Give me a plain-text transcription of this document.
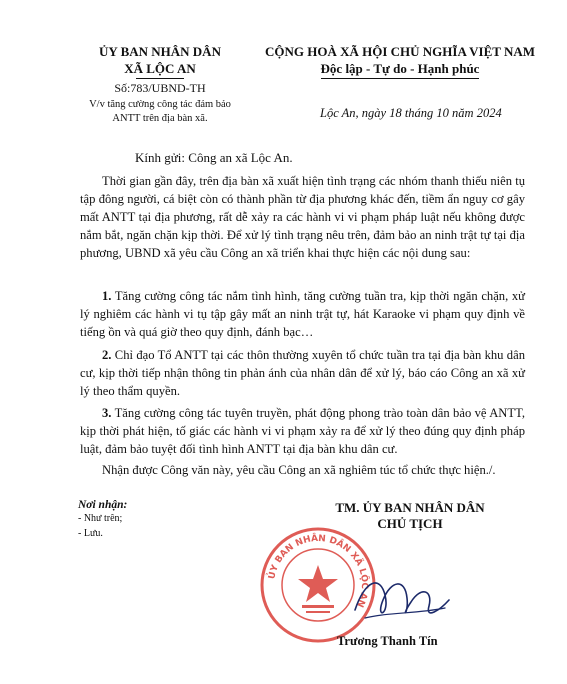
ỦY BAN NHÂN DÂN
XÃ LỘC AN
Số:783/UBND-TH
V/v tăng cường công tác đảm bảo
ANTT trên địa bàn xã.
CỘNG HOÀ XÃ HỘI CHỦ NGHĨA VIỆT NAM
Độc lập - Tự do - Hạnh phúc
Lộc An, ngày 18 tháng 10 năm 2024
Kính gửi: Công an xã Lộc An.
Thời gian gần đây, trên địa bàn xã xuất hiện tình trạng các nhóm thanh thiếu niên tụ tập đông người, cá biệt còn có thành phần từ địa phương khác đến, tiềm ẩn nguy cơ gây mất ANTT tại địa phương, rất dễ xảy ra các hành vi vi phạm pháp luật nếu không được nắm bắt, ngăn chặn kịp thời. Để xử lý tình trạng nêu trên, đảm bảo an ninh trật tự tại địa phương, UBND xã yêu cầu Công an xã triển khai thực hiện các nội dung sau:
1. Tăng cường công tác nắm tình hình, tăng cường tuần tra, kịp thời ngăn chặn, xử lý nghiêm các hành vi tụ tập gây mất an ninh trật tự, hát Karaoke vi phạm quy định về tiếng ồn và quá giờ theo quy định, đánh bạc…
2. Chỉ đạo Tổ ANTT tại các thôn thường xuyên tổ chức tuần tra tại địa bàn khu dân cư, kịp thời tiếp nhận thông tin phản ánh của nhân dân để xử lý, báo cáo Công an xã xử lý theo thẩm quyền.
3. Tăng cường công tác tuyên truyền, phát động phong trào toàn dân bảo vệ ANTT, kịp thời phát hiện, tố giác các hành vi vi phạm xảy ra để xử lý theo đúng quy định pháp luật, đảm bảo tuyệt đối tình hình ANTT tại địa bàn khu dân cư.
Nhận được Công văn này, yêu cầu Công an xã nghiêm túc tổ chức thực hiện./.
Nơi nhận:
- Như trên;
- Lưu.
TM. ỦY BAN NHÂN DÂN
CHỦ TỊCH
ỦY BAN NHÂN DÂN XÃ LỘC AN
Trương Thanh Tín
